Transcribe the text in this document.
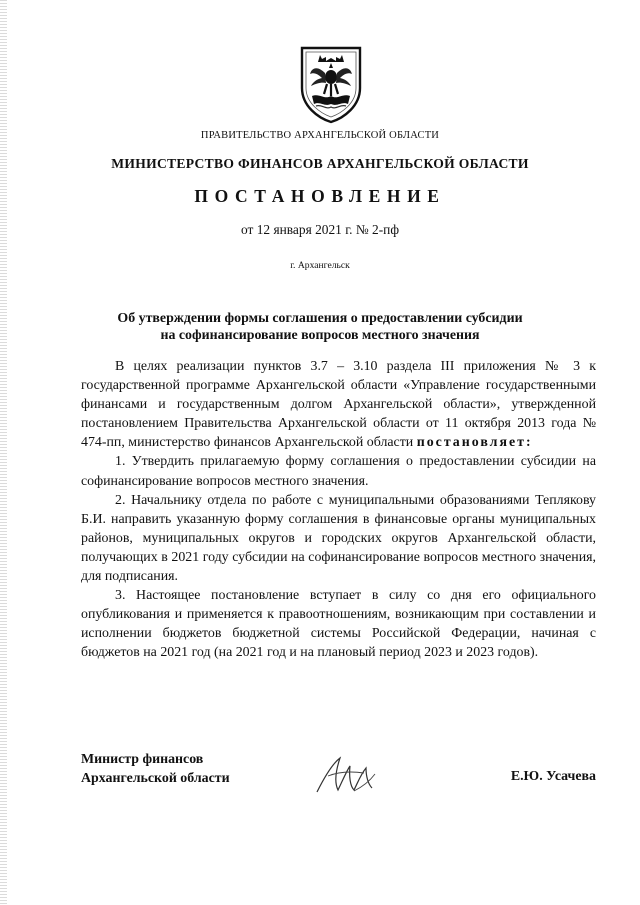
ПРАВИТЕЛЬСТВО АРХАНГЕЛЬСКОЙ ОБЛАСТИ
МИНИСТЕРСТВО ФИНАНСОВ АРХАНГЕЛЬСКОЙ ОБЛАСТИ
ПОСТАНОВЛЕНИЕ
от 12 января 2021 г. № 2-пф
г. Архангельск
Об утверждении формы соглашения о предоставлении субсидии
на софинансирование вопросов местного значения

В целях реализации пунктов 3.7 – 3.10 раздела III приложения № 3 к государственной программе Архангельской области «Управление государственными финансами и государственным долгом Архангельской области», утвержденной постановлением Правительства Архангельской области от 11 октября 2013 года № 474-пп, министерство финансов Архангельской области постановляет:

1. Утвердить прилагаемую форму соглашения о предоставлении субсидии на софинансирование вопросов местного значения.

2. Начальнику отдела по работе с муниципальными образованиями Теплякову Б.И. направить указанную форму соглашения в финансовые органы муниципальных районов, муниципальных округов и городских округов Архангельской области, получающих в 2021 году субсидии на софинансирование вопросов местного значения, для подписания.

3. Настоящее постановление вступает в силу со дня его официального опубликования и применяется к правоотношениям, возникающим при составлении и исполнении бюджетов бюджетной системы Российской Федерации, начиная с бюджетов на 2021 год (на 2021 год и на плановый период 2023 и 2023 годов).

Министр финансов
Архангельской области	Е.Ю. Усачева
